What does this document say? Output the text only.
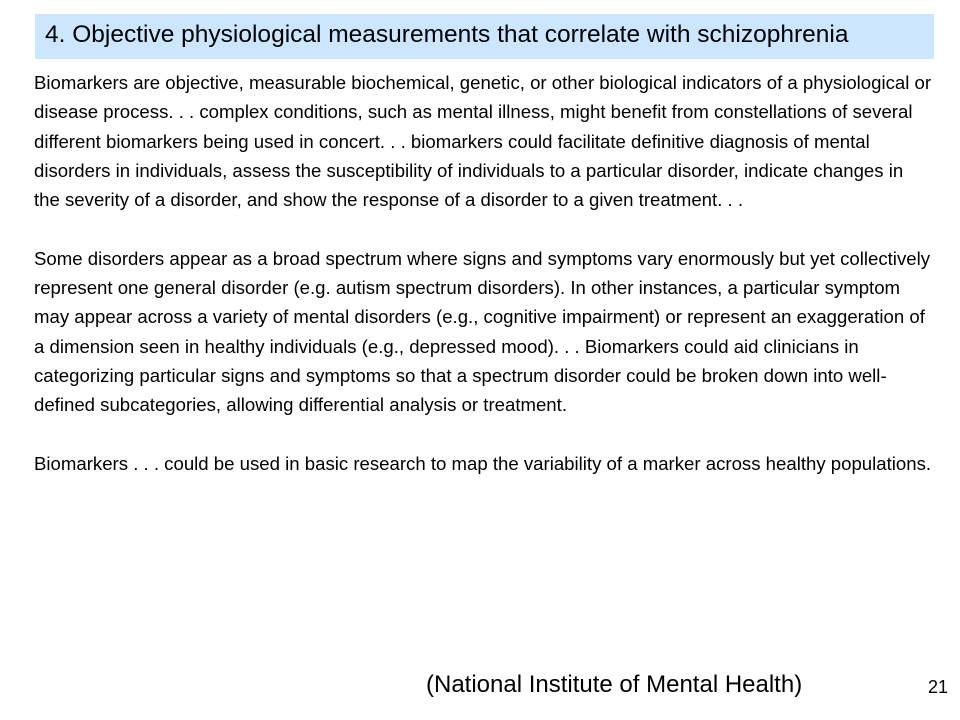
4. Objective physiological measurements that correlate with schizophrenia

Biomarkers are objective, measurable biochemical, genetic, or other biological indicators of a physiological or disease process. . . complex conditions, such as mental illness, might benefit from constellations of several different biomarkers being used in concert. . . biomarkers could facilitate definitive diagnosis of mental disorders in individuals, assess the susceptibility of individuals to a particular disorder, indicate changes in the severity of a disorder, and show the response of a disorder to a given treatment. . .

Some disorders appear as a broad spectrum where signs and symptoms vary enormously but yet collectively represent one general disorder (e.g. autism spectrum disorders). In other instances, a particular symptom may appear across a variety of mental disorders (e.g., cognitive impairment) or represent an exaggeration of a dimension seen in healthy individuals (e.g., depressed mood). . . Biomarkers could aid clinicians in categorizing particular signs and symptoms so that a spectrum disorder could be broken down into well-defined subcategories, allowing differential analysis or treatment.

Biomarkers . . . could be used in basic research to map the variability of a marker across healthy populations.

(National Institute of Mental Health)	21
